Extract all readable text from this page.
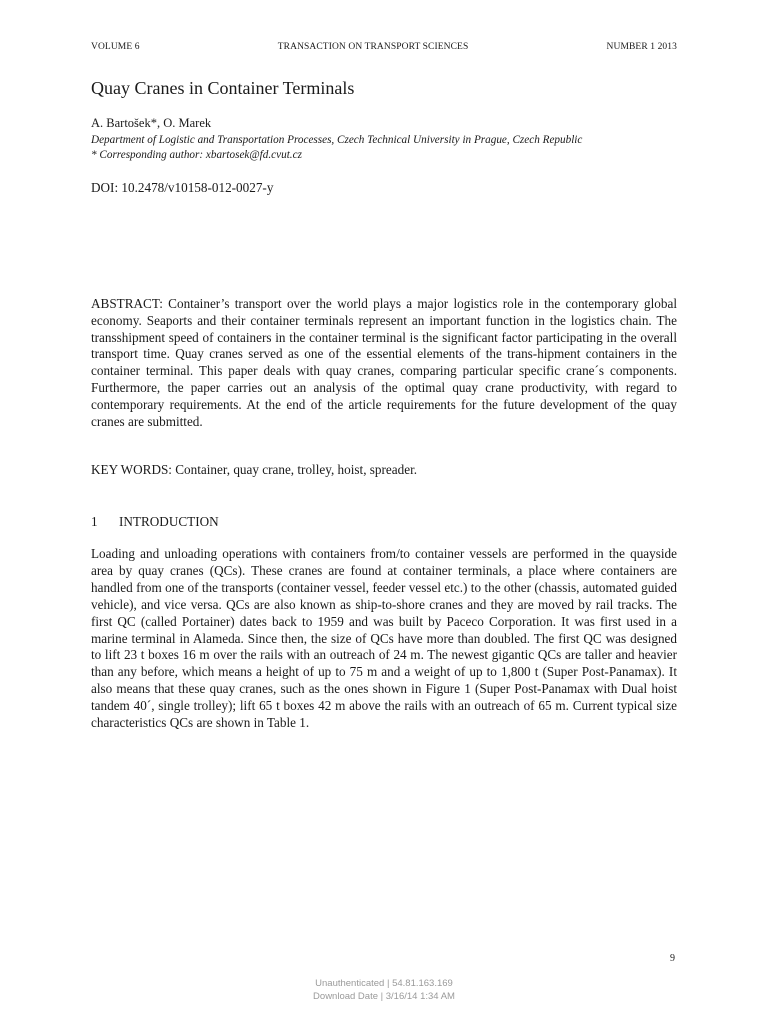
VOLUME 6	TRANSACTION ON TRANSPORT SCIENCES	NUMBER 1 2013
Quay Cranes in Container Terminals
A. Bartošek*, O. Marek
Department of Logistic and Transportation Processes, Czech Technical University in Prague, Czech Republic
* Corresponding author: xbartosek@fd.cvut.cz
DOI: 10.2478/v10158-012-0027-y

ABSTRACT: Container’s transport over the world plays a major logistics role in the contemporary global economy. Seaports and their container terminals represent an important function in the logistics chain. The transshipment speed of containers in the container terminal is the significant factor participating in the overall transport time. Quay cranes served as one of the essential elements of the trans-hipment containers in the container terminal. This paper deals with quay cranes, comparing particular specific crane´s components. Furthermore, the paper carries out an analysis of the optimal quay crane productivity, with regard to contemporary requirements. At the end of the article requirements for the future development of the quay cranes are submitted.

KEY WORDS: Container, quay crane, trolley, hoist, spreader.
1 INTRODUCTION

Loading and unloading operations with containers from/to container vessels are performed in the quayside area by quay cranes (QCs). These cranes are found at container terminals, a place where containers are handled from one of the transports (container vessel, feeder vessel etc.) to the other (chassis, automated guided vehicle), and vice versa. QCs are also known as ship-to-shore cranes and they are moved by rail tracks. The first QC (called Portainer) dates back to 1959 and was built by Paceco Corporation. It was first used in a marine terminal in Alameda. Since then, the size of QCs have more than doubled. The first QC was designed to lift 23 t boxes 16 m over the rails with an outreach of 24 m. The newest gigantic QCs are taller and heavier than any before, which means a height of up to 75 m and a weight of up to 1,800 t (Super Post-Panamax). It also means that these quay cranes, such as the ones shown in Figure 1 (Super Post-Panamax with Dual hoist tandem 40´, single trolley); lift 65 t boxes 42 m above the rails with an outreach of 65 m. Current typical size characteristics QCs are shown in Table 1.

9
Unauthenticated | 54.81.163.169
Download Date | 3/16/14 1:34 AM
